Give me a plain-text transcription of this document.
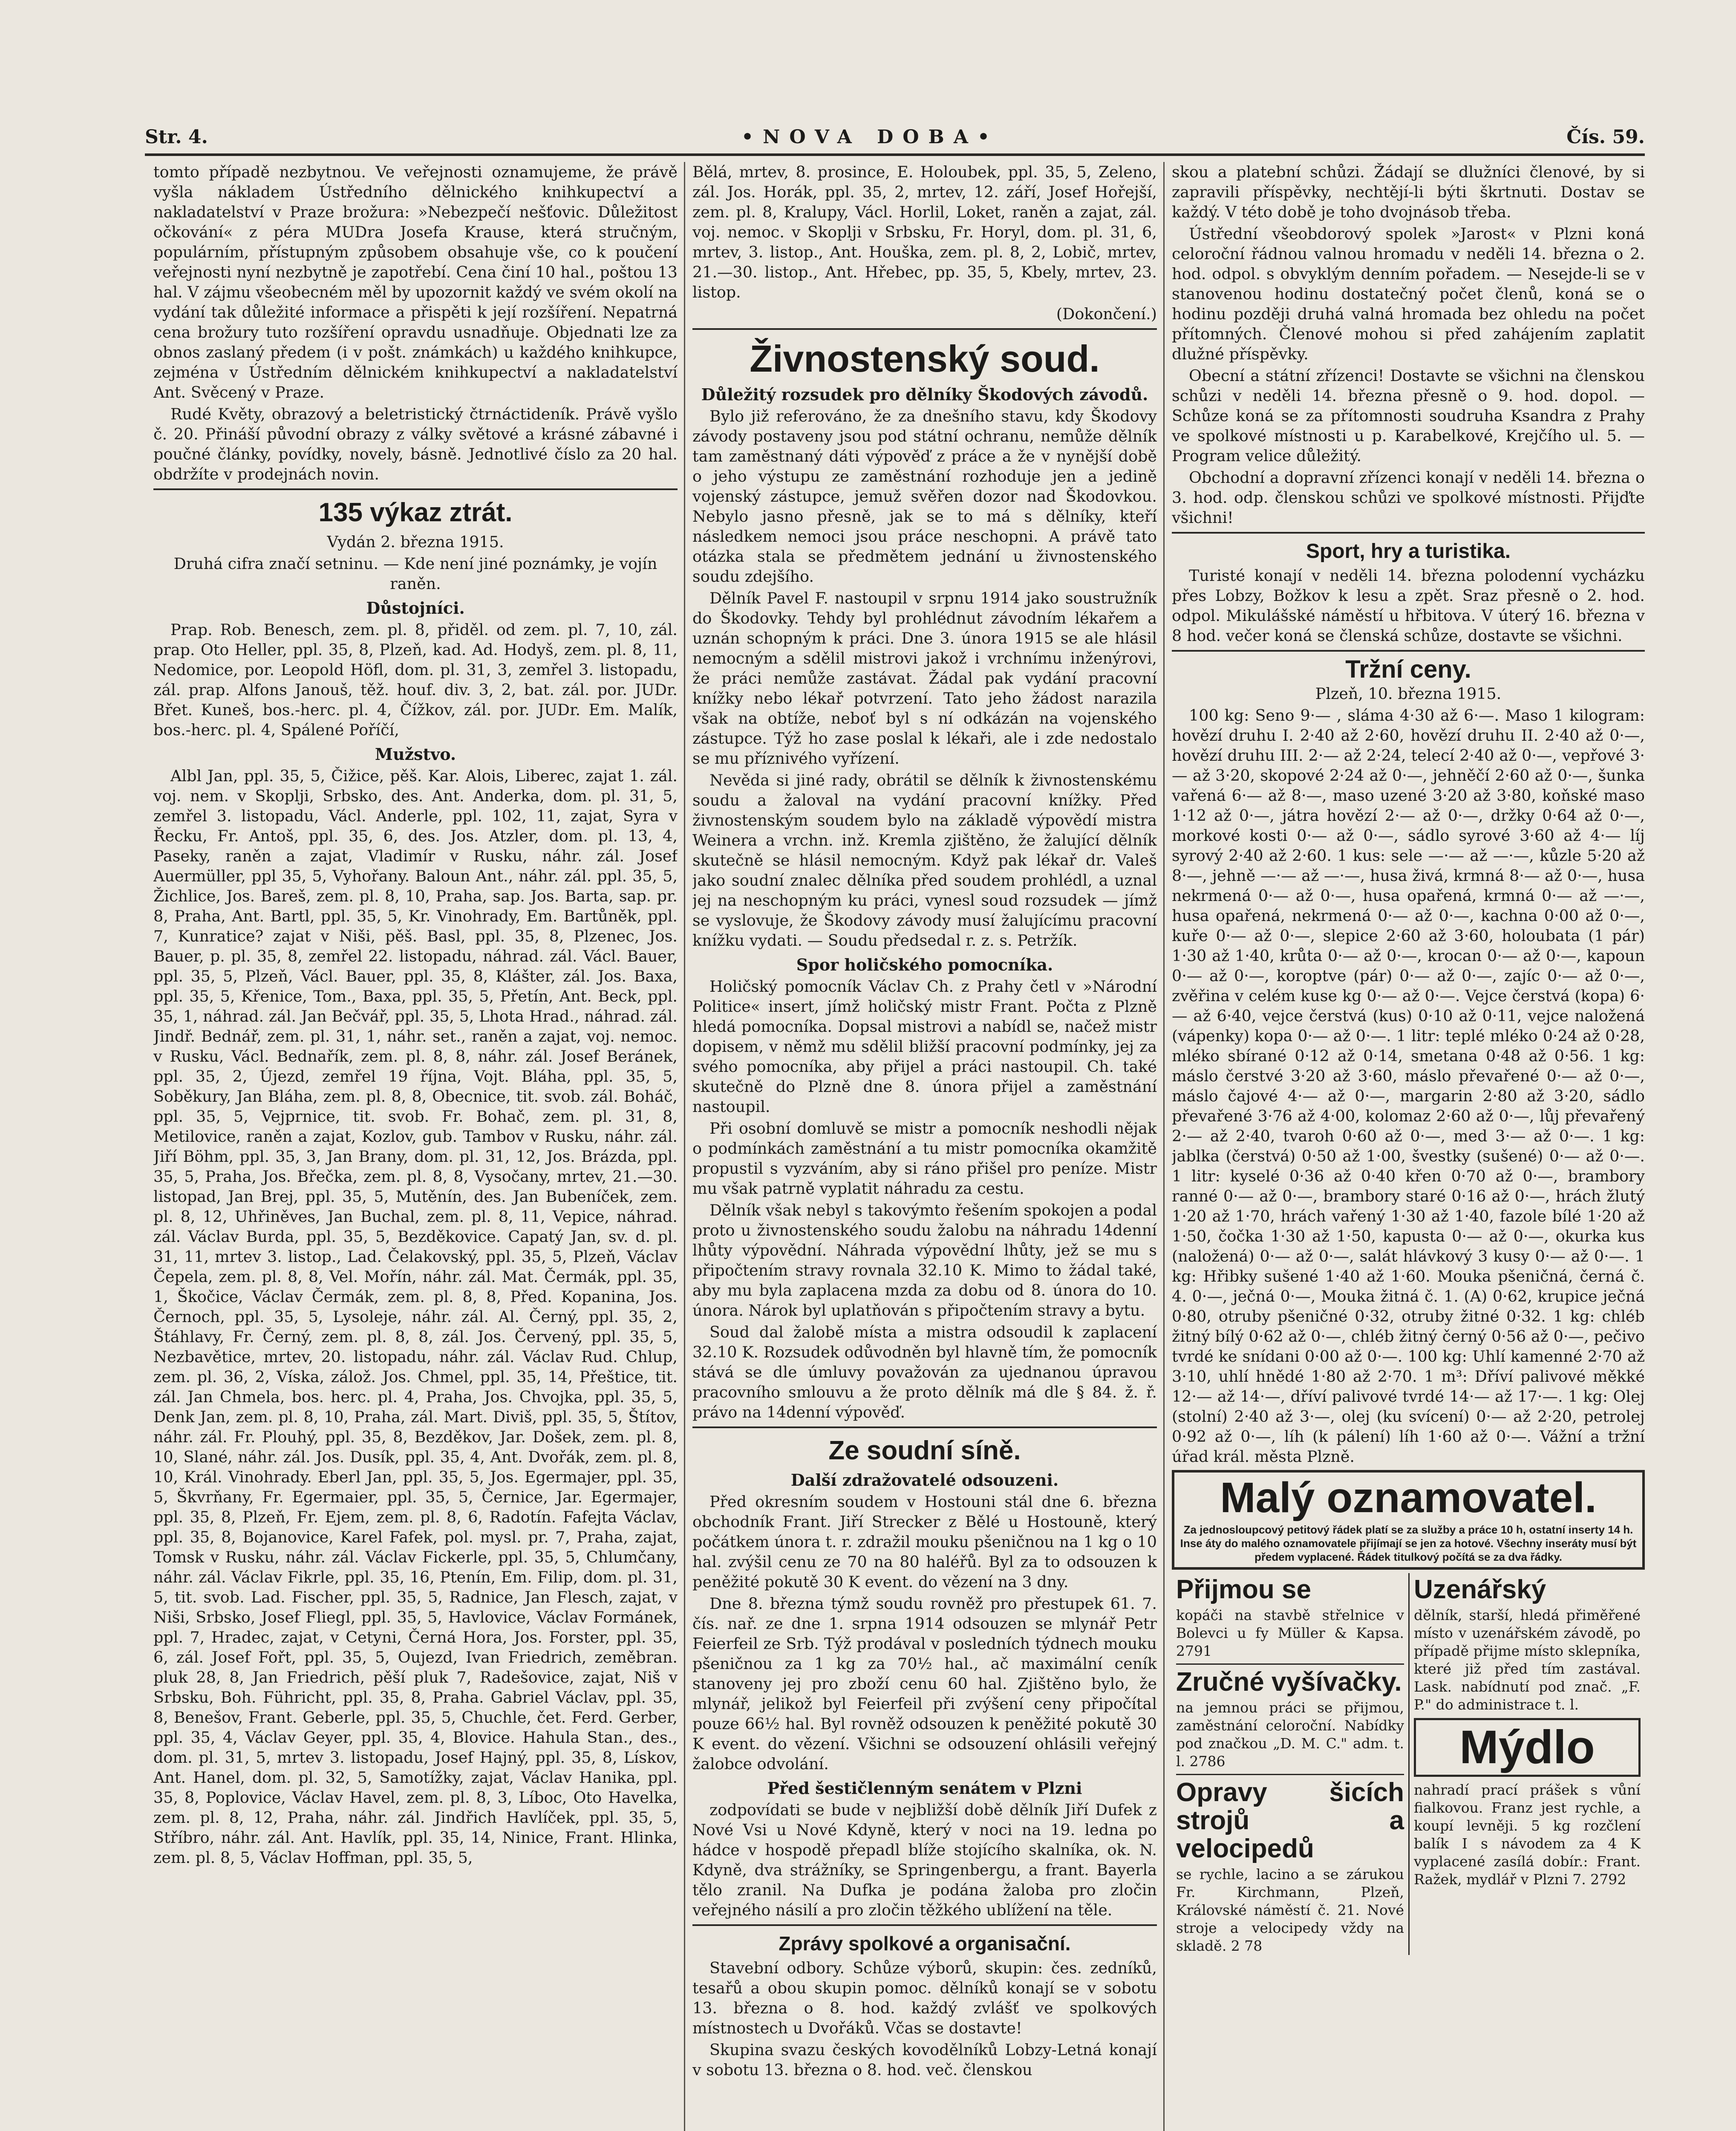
Str. 4.	•NOVA DOBA•	Čís. 59.

tomto případě nezbytnou. Ve veřejnosti oznamujeme, že právě vyšla nákladem Ústředního dělnického knihkupectví a nakladatelství v Praze brožura: »Nebezpečí nešťovic. Důležitost očkování« z péra MUDra Josefa Krause, která stručným, populárním, přístupným způsobem obsahuje vše, co k poučení veřejnosti nyní nezbytně je zapotřebí. Cena činí 10 hal., poštou 13 hal. V zájmu všeobecném měl by upozornit každý ve svém okolí na vydání tak důležité informace a přispěti k její rozšíření. Nepatrná cena brožury tuto rozšíření opravdu usnadňuje. Objednati lze za obnos zaslaný předem (i v pošt. známkách) u každého knihkupce, zejména v Ústředním dělnickém knihkupectví a nakladatelství Ant. Svěcený v Praze.

Rudé Květy, obrazový a beletristický čtrnáctideník. Právě vyšlo č. 20. Přináší původní obrazy z války světové a krásné zábavné i poučné články, povídky, novely, básně. Jednotlivé číslo za 20 hal. obdržíte v prodejnách novin.

135 výkaz ztrát.

Vydán 2. března 1915.

Druhá cifra značí setninu. — Kde není jiné poznámky, je vojín raněn.

Důstojníci.

Prap. Rob. Benesch, zem. pl. 8, přiděl. od zem. pl. 7, 10, zál. prap. Oto Heller, ppl. 35, 8, Plzeň, kad. Ad. Hodyš, zem. pl. 8, 11, Nedomice, por. Leopold Höfl, dom. pl. 31, 3, zemřel 3. listopadu, zál. prap. Alfons Janouš, těž. houf. div. 3, 2, bat. zál. por. JUDr. Břet. Kuneš, bos.-herc. pl. 4, Čížkov, zál. por. JUDr. Em. Malík, bos.-herc. pl. 4, Spálené Poříčí,

Mužstvo.

Albl Jan, ppl. 35, 5, Čižice, pěš. Kar. Alois, Liberec, zajat 1. zál. voj. nem. v Skoplji, Srbsko, des. Ant. Anderka, dom. pl. 31, 5, zemřel 3. listopadu, Václ. Anderle, ppl. 102, 11, zajat, Syra v Řecku, Fr. Antoš, ppl. 35, 6, des. Jos. Atzler, dom. pl. 13, 4, Paseky, raněn a zajat, Vladimír v Rusku, náhr. zál. Josef Auermüller, ppl 35, 5, Vyhořany. Baloun Ant., náhr. zál. ppl. 35, 5, Žichlice, Jos. Bareš, zem. pl. 8, 10, Praha, sap. Jos. Barta, sap. pr. 8, Praha, Ant. Bartl, ppl. 35, 5, Kr. Vinohrady, Em. Bartůněk, ppl. 7, Kunratice? zajat v Niši, pěš. Basl, ppl. 35, 8, Plzenec, Jos. Bauer, p. pl. 35, 8, zemřel 22. listopadu, náhrad. zál. Václ. Bauer, ppl. 35, 5, Plzeň, Václ. Bauer, ppl. 35, 8, Klášter, zál. Jos. Baxa, ppl. 35, 5, Křenice, Tom., Baxa, ppl. 35, 5, Přetín, Ant. Beck, ppl. 35, 1, náhrad. zál. Jan Bečvář, ppl. 35, 5, Lhota Hrad., náhrad. zál. Jindř. Bednář, zem. pl. 31, 1, náhr. set., raněn a zajat, voj. nemoc. v Rusku, Václ. Bednařík, zem. pl. 8, 8, náhr. zál. Josef Beránek, ppl. 35, 2, Újezd, zemřel 19 října, Vojt. Bláha, ppl. 35, 5, Soběkury, Jan Bláha, zem. pl. 8, 8, Obecnice, tit. svob. zál. Boháč, ppl. 35, 5, Vejprnice, tit. svob. Fr. Bohač, zem. pl. 31, 8, Metilovice, raněn a zajat, Kozlov, gub. Tambov v Rusku, náhr. zál. Jiří Böhm, ppl. 35, 3, Jan Brany, dom. pl. 31, 12, Jos. Brázda, ppl. 35, 5, Praha, Jos. Břečka, zem. pl. 8, 8, Vysočany, mrtev, 21.—30. listopad, Jan Brej, ppl. 35, 5, Mutěnín, des. Jan Bubeníček, zem. pl. 8, 12, Uhřiněves, Jan Buchal, zem. pl. 8, 11, Vepice, náhrad. zál. Václav Burda, ppl. 35, 5, Bezděkovice. Capatý Jan, sv. d. pl. 31, 11, mrtev 3. listop., Lad. Čelakovský, ppl. 35, 5, Plzeň, Václav Čepela, zem. pl. 8, 8, Vel. Mořín, náhr. zál. Mat. Čermák, ppl. 35, 1, Škočice, Václav Čermák, zem. pl. 8, 8, Před. Kopanina, Jos. Černoch, ppl. 35, 5, Lysoleje, náhr. zál. Al. Černý, ppl. 35, 2, Štáhlavy, Fr. Černý, zem. pl. 8, 8, zál. Jos. Červený, ppl. 35, 5, Nezbavětice, mrtev, 20. listopadu, náhr. zál. Václav Rud. Chlup, zem. pl. 36, 2, Víska, zálož. Jos. Chmel, ppl. 35, 14, Přeštice, tit. zál. Jan Chmela, bos. herc. pl. 4, Praha, Jos. Chvojka, ppl. 35, 5, Denk Jan, zem. pl. 8, 10, Praha, zál. Mart. Diviš, ppl. 35, 5, Štítov, náhr. zál. Fr. Plouhý, ppl. 35, 8, Bezděkov, Jar. Došek, zem. pl. 8, 10, Slané, náhr. zál. Jos. Dusík, ppl. 35, 4, Ant. Dvořák, zem. pl. 8, 10, Král. Vinohrady. Eberl Jan, ppl. 35, 5, Jos. Egermajer, ppl. 35, 5, Škvrňany, Fr. Egermaier, ppl. 35, 5, Černice, Jar. Egermajer, ppl. 35, 8, Plzeň, Fr. Ejem, zem. pl. 8, 6, Radotín. Fafejta Václav, ppl. 35, 8, Bojanovice, Karel Fafek, pol. mysl. pr. 7, Praha, zajat, Tomsk v Rusku, náhr. zál. Václav Fickerle, ppl. 35, 5, Chlumčany, náhr. zál. Václav Fikrle, ppl. 35, 16, Ptenín, Em. Filip, dom. pl. 31, 5, tit. svob. Lad. Fischer, ppl. 35, 5, Radnice, Jan Flesch, zajat, v Niši, Srbsko, Josef Fliegl, ppl. 35, 5, Havlovice, Václav Formánek, ppl. 7, Hradec, zajat, v Cetyni, Černá Hora, Jos. Forster, ppl. 35, 6, zál. Josef Fořt, ppl. 35, 5, Oujezd, Ivan Friedrich, zeměbran. pluk 28, 8, Jan Friedrich, pěší pluk 7, Radešovice, zajat, Niš v Srbsku, Boh. Führicht, ppl. 35, 8, Praha. Gabriel Václav, ppl. 35, 8, Benešov, Frant. Geberle, ppl. 35, 5, Chuchle, čet. Ferd. Gerber, ppl. 35, 4, Václav Geyer, ppl. 35, 4, Blovice. Hahula Stan., des., dom. pl. 31, 5, mrtev 3. listopadu, Josef Hajný, ppl. 35, 8, Lískov, Ant. Hanel, dom. pl. 32, 5, Samotížky, zajat, Václav Hanika, ppl. 35, 8, Poplovice, Václav Havel, zem. pl. 8, 3, Líboc, Oto Havelka, zem. pl. 8, 12, Praha, náhr. zál. Jindřich Havlíček, ppl. 35, 5, Stříbro, náhr. zál. Ant. Havlík, ppl. 35, 14, Ninice, Frant. Hlinka, zem. pl. 8, 5, Václav Hoffman, ppl. 35, 5,

Bělá, mrtev, 8. prosince, E. Holoubek, ppl. 35, 5, Zeleno, zál. Jos. Horák, ppl. 35, 2, mrtev, 12. září, Josef Hořejší, zem. pl. 8, Kralupy, Václ. Horlil, Loket, raněn a zajat, zál. voj. nemoc. v Skoplji v Srbsku, Fr. Horyl, dom. pl. 31, 6, mrtev, 3. listop., Ant. Houška, zem. pl. 8, 2, Lobič, mrtev, 21.—30. listop., Ant. Hřebec, pp. 35, 5, Kbely, mrtev, 23. listop.

(Dokončení.)

Živnostenský soud.
Důležitý rozsudek pro dělníky Škodových závodů.

Bylo již referováno, že za dnešního stavu, kdy Škodovy závody postaveny jsou pod státní ochranu, nemůže dělník tam zaměstnaný dáti výpověď z práce a že v nynější době o jeho výstupu ze zaměstnání rozhoduje jen a jedině vojenský zástupce, jemuž svěřen dozor nad Škodovkou. Nebylo jasno přesně, jak se to má s dělníky, kteří následkem nemoci jsou práce neschopni. A právě tato otázka stala se předmětem jednání u živnostenského soudu zdejšího.

Dělník Pavel F. nastoupil v srpnu 1914 jako soustružník do Škodovky. Tehdy byl prohlédnut závodním lékařem a uznán schopným k práci. Dne 3. února 1915 se ale hlásil nemocným a sdělil mistrovi jakož i vrchnímu inženýrovi, že práci nemůže zastávat. Žádal pak vydání pracovní knížky nebo lékař potvrzení. Tato jeho žádost narazila však na obtíže, neboť byl s ní odkázán na vojenského zástupce. Týž ho zase poslal k lékaři, ale i zde nedostalo se mu příznivého vyřízení.

Nevěda si jiné rady, obrátil se dělník k živnostenskému soudu a žaloval na vydání pracovní knížky. Před živnostenským soudem bylo na základě výpovědí mistra Weinera a vrchn. inž. Kremla zjištěno, že žalující dělník skutečně se hlásil nemocným. Když pak lékař dr. Valeš jako soudní znalec dělníka před soudem prohlédl, a uznal jej na neschopným ku práci, vynesl soud rozsudek — jímž se vyslovuje, že Škodovy závody musí žalujícímu pracovní knížku vydati. — Soudu předsedal r. z. s. Petržík.

Spor holičského pomocníka.

Holičský pomocník Václav Ch. z Prahy četl v »Národní Politice« insert, jímž holičský mistr Frant. Počta z Plzně hledá pomocníka. Dopsal mistrovi a nabídl se, načež mistr dopisem, v němž mu sdělil bližší pracovní podmínky, jej za svého pomocníka, aby přijel a práci nastoupil. Ch. také skutečně do Plzně dne 8. února přijel a zaměstnání nastoupil.

Při osobní domluvě se mistr a pomocník neshodli nějak o podmínkách zaměstnání a tu mistr pomocníka okamžitě propustil s vyzváním, aby si ráno přišel pro peníze. Mistr mu však patrně vyplatit náhradu za cestu.

Dělník však nebyl s takovýmto řešením spokojen a podal proto u živnostenského soudu žalobu na náhradu 14denní lhůty výpovědní. Náhrada výpovědní lhůty, jež se mu s připočtením stravy rovnala 32.10 K. Mimo to žádal také, aby mu byla zaplacena mzda za dobu od 8. února do 10. února. Nárok byl uplatňován s připočtením stravy a bytu.

Soud dal žalobě místa a mistra odsoudil k zaplacení 32.10 K. Rozsudek odůvodněn byl hlavně tím, že pomocník stává se dle úmluvy považován za ujednanou úpravou pracovního smlouvu a že proto dělník má dle § 84. ž. ř. právo na 14denní výpověď.

Ze soudní síně.
Další zdražovatelé odsouzeni.

Před okresním soudem v Hostouni stál dne 6. března obchodník Frant. Jiří Strecker z Bělé u Hostouně, který počátkem února t. r. zdražil mouku pšeničnou na 1 kg o 10 hal. zvýšil cenu ze 70 na 80 haléřů. Byl za to odsouzen k peněžité pokutě 30 K event. do vězení na 3 dny.

Dne 8. března týmž soudu rovněž pro přestupek 61. 7. čís. nař. ze dne 1. srpna 1914 odsouzen se mlynář Petr Feierfeil ze Srb. Týž prodával v posledních týdnech mouku pšeničnou za 1 kg za 70½ hal., ač maximální ceník stanoveny jej pro zboží cenu 60 hal. Zjištěno bylo, že mlynář, jelikož byl Feierfeil při zvýšení ceny připočítal pouze 66½ hal. Byl rovněž odsouzen k peněžité pokutě 30 K event. do vězení. Všichni se odsouzení ohlásili veřejný žalobce odvolání.

Před šestičlenným senátem v Plzni

zodpovídati se bude v nejbližší době dělník Jiří Dufek z Nové Vsi u Nové Kdyně, který v noci na 19. ledna po hádce v hospodě přepadl blíže stojícího skalníka, ok. N. Kdyně, dva strážníky, se Springenbergu, a frant. Bayerla tělo zranil. Na Dufka je podána žaloba pro zločin veřejného násilí a pro zločin těžkého ublížení na těle.

Zprávy spolkové a organisační.

Stavební odbory. Schůze výborů, skupin: čes. zedníků, tesařů a obou skupin pomoc. dělníků konají se v sobotu 13. března o 8. hod. každý zvlášť ve spolkových místnostech u Dvořáků. Včas se dostavte!

Skupina svazu českých kovodělníků Lobzy-Letná konají v sobotu 13. března o 8. hod. več. členskou

skou a platební schůzi. Žádají se dlužníci členové, by si zapravili příspěvky, nechtějí-li býti škrtnuti. Dostav se každý. V této době je toho dvojnásob třeba.

Ústřední všeobdorový spolek »Jarost« v Plzni koná celoroční řádnou valnou hromadu v neděli 14. března o 2. hod. odpol. s obvyklým denním pořadem. — Nesejde-li se v stanovenou hodinu dostatečný počet členů, koná se o hodinu později druhá valná hromada bez ohledu na počet přítomných. Členové mohou si před zahájením zaplatit dlužné příspěvky.

Obecní a státní zřízenci! Dostavte se všichni na členskou schůzi v neděli 14. března přesně o 9. hod. dopol. — Schůze koná se za přítomnosti soudruha Ksandra z Prahy ve spolkové místnosti u p. Karabelkové, Krejčího ul. 5. — Program velice důležitý.

Obchodní a dopravní zřízenci konají v neděli 14. března o 3. hod. odp. členskou schůzi ve spolkové místnosti. Přijďte všichni!

Sport, hry a turistika.

Turisté konají v neděli 14. března polodenní vycházku přes Lobzy, Božkov k lesu a zpět. Sraz přesně o 2. hod. odpol. Mikulášské náměstí u hřbitova. V úterý 16. března v 8 hod. večer koná se členská schůze, dostavte se všichni.

Tržní ceny.

Plzeň, 10. března 1915.

100 kg: Seno 9·— , sláma 4·30 až 6·—. Maso 1 kilogram: hovězí druhu I. 2·40 až 2·60, hovězí druhu II. 2·40 až 0·—, hovězí druhu III. 2·— až 2·24, telecí 2·40 až 0·—, vepřové 3·— až 3·20, skopové 2·24 až 0·—, jehněčí 2·60 až 0·—, šunka vařená 6·— až 8·—, maso uzené 3·20 až 3·80, koňské maso 1·12 až 0·—, játra hovězí 2·— až 0·—, držky 0·64 až 0·—, morkové kosti 0·— až 0·—, sádlo syrové 3·60 až 4·— líj syrový 2·40 až 2·60. 1 kus: sele —·— až —·—, kůzle 5·20 až 8·—, jehně —·— až —·—, husa živá, krmná 8·— až 0·—, husa nekrmená 0·— až 0·—, husa opařená, krmná 0·— až —·—, husa opařená, nekrmená 0·— až 0·—, kachna 0·00 až 0·—, kuře 0·— až 0·—, slepice 2·60 až 3·60, holoubata (1 pár) 1·30 až 1·40, krůta 0·— až 0·—, krocan 0·— až 0·—, kapoun 0·— až 0·—, koroptve (pár) 0·— až 0·—, zajíc 0·— až 0·—, zvěřina v celém kuse kg 0·— až 0·—. Vejce čerstvá (kopa) 6·— až 6·40, vejce čerstvá (kus) 0·10 až 0·11, vejce naložená (vápenky) kopa 0·— až 0·—. 1 litr: teplé mléko 0·24 až 0·28, mléko sbírané 0·12 až 0·14, smetana 0·48 až 0·56. 1 kg: máslo čerstvé 3·20 až 3·60, máslo převařené 0·— až 0·—, máslo čajové 4·— až 0·—, margarin 2·80 až 3·20, sádlo převařené 3·76 až 4·00, kolomaz 2·60 až 0·—, lůj převařený 2·— až 2·40, tvaroh 0·60 až 0·—, med 3·— až 0·—. 1 kg: jablka (čerstvá) 0·50 až 1·00, švestky (sušené) 0·— až 0·—. 1 litr: kyselé 0·36 až 0·40 křen 0·70 až 0·—, brambory ranné 0·— až 0·—, brambory staré 0·16 až 0·—, hrách žlutý 1·20 až 1·70, hrách vařený 1·30 až 1·40, fazole bílé 1·20 až 1·50, čočka 1·30 až 1·50, kapusta 0·— až 0·—, okurka kus (naložená) 0·— až 0·—, salát hlávkový 3 kusy 0·— až 0·—. 1 kg: Hřibky sušené 1·40 až 1·60. Mouka pšeničná, černá č. 4. 0·—, ječná 0·—, Mouka žitná č. 1. (A) 0·62, krupice ječná 0·80, otruby pšeničné 0·32, otruby žitné 0·32. 1 kg: chléb žitný bílý 0·62 až 0·—, chléb žitný černý 0·56 až 0·—, pečivo tvrdé ke snídani 0·00 až 0·—. 100 kg: Uhlí kamenné 2·70 až 3·10, uhlí hnědé 1·80 až 2·70. 1 m³: Dříví palivové měkké 12·— až 14·—, dříví palivové tvrdé 14·— až 17·—. 1 kg: Olej (stolní) 2·40 až 3·—, olej (ku svícení) 0·— až 2·20, petrolej 0·92 až 0·—, líh (k pálení) líh 1·60 až 0·—. Vážní a tržní úřad král. města Plzně.

Malý oznamovatel.
Za jednosloupcový petitový řádek platí se za služby a práce 10 h, ostatní inserty 14 h. Inse áty do malého oznamovatele přijímají se jen za hotové. Všechny inseráty musí být předem vyplacené. Řádek titulkový počítá se za dva řádky.
Přijmou se
kopáči na stavbě střelnice v Bolevci u fy Müller & Kapsa. 2791
Zručné vyšívačky.
na jemnou práci se přijmou, zaměstnání celoroční. Nabídky pod značkou „D. M. C." adm. t. l. 2786
Opravy šicích strojů a velocipedů
se rychle, lacino a se zárukou Fr. Kirchmann, Plzeň, Královské náměstí č. 21. Nové stroje a velocipedy vždy na skladě. 2 78
Uzenářský
dělník, starší, hledá přiměřené místo v uzenářském závodě, po případě přijme místo sklepníka, které již před tím zastával. Lask. nabídnutí pod znač. „F. P." do administrace t. l.
Mýdlo
nahradí prací prášek s vůní fialkovou. Franz jest rychle, a koupí levněji. 5 kg rozčlení balík I s návodem za 4 K vyplacené zasílá dobír.: Frant. Ražek, mydlář v Plzni 7. 2792
